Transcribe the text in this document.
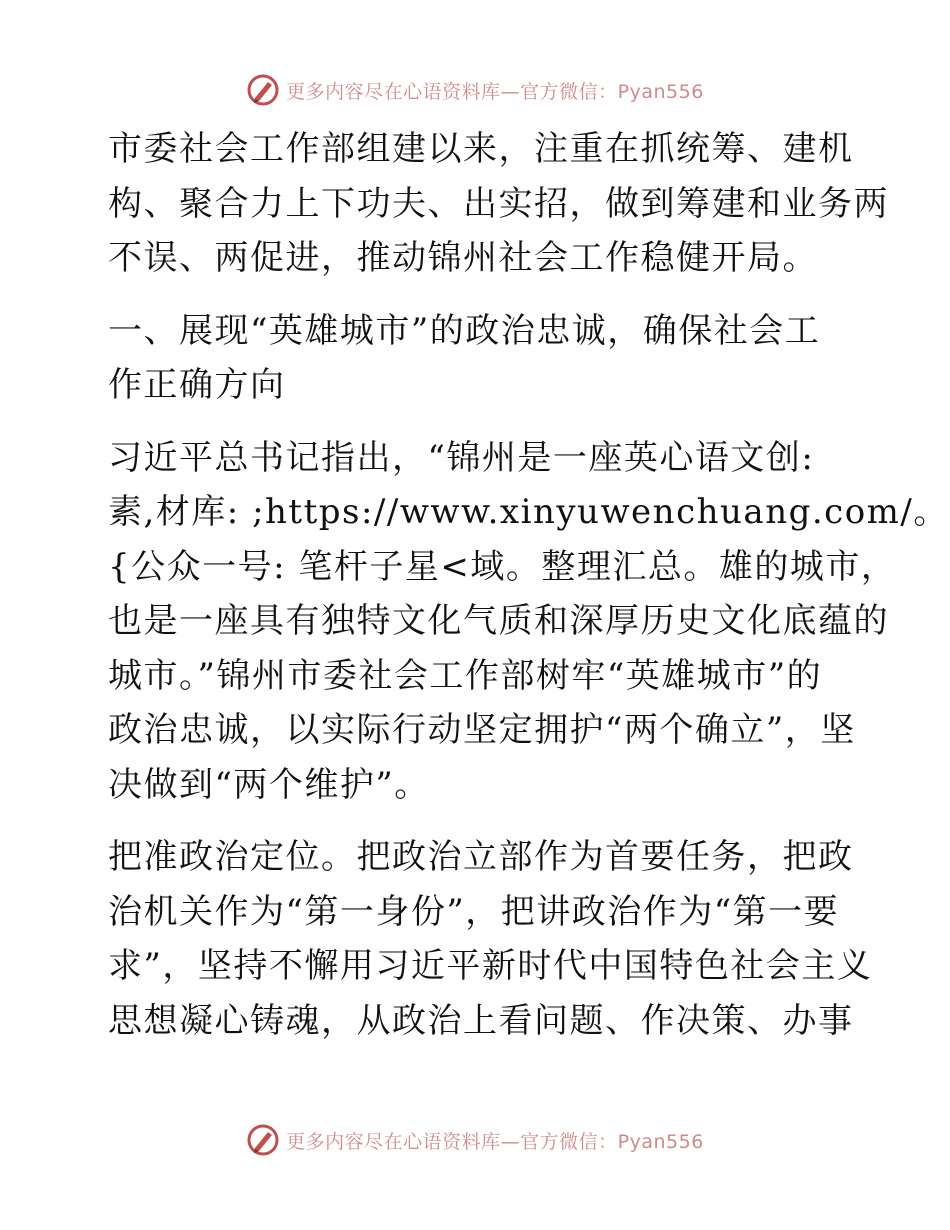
更多内容尽在心语资料库—官方微信：Pyan556

市委社会工作部组建以来，注重在抓统筹、建机
构、聚合力上下功夫、出实招，做到筹建和业务两
不误、两促进，推动锦州社会工作稳健开局。

一、展现“英雄城市”的政治忠诚，确保社会工
作正确方向

习近平总书记指出，“锦州是一座英心语文创:
素,材库: ;https://www.xinyuwenchuang.com/。
{公众一号: 笔杆子星<域。整理汇总。雄的城市，
也是一座具有独特文化气质和深厚历史文化底蕴的
城市。”锦州市委社会工作部树牢“英雄城市”的
政治忠诚，以实际行动坚定拥护“两个确立”，坚
决做到“两个维护”。

把准政治定位。把政治立部作为首要任务，把政
治机关作为“第一身份”，把讲政治作为“第一要
求”，坚持不懈用习近平新时代中国特色社会主义
思想凝心铸魂，从政治上看问题、作决策、办事

更多内容尽在心语资料库—官方微信：Pyan556
